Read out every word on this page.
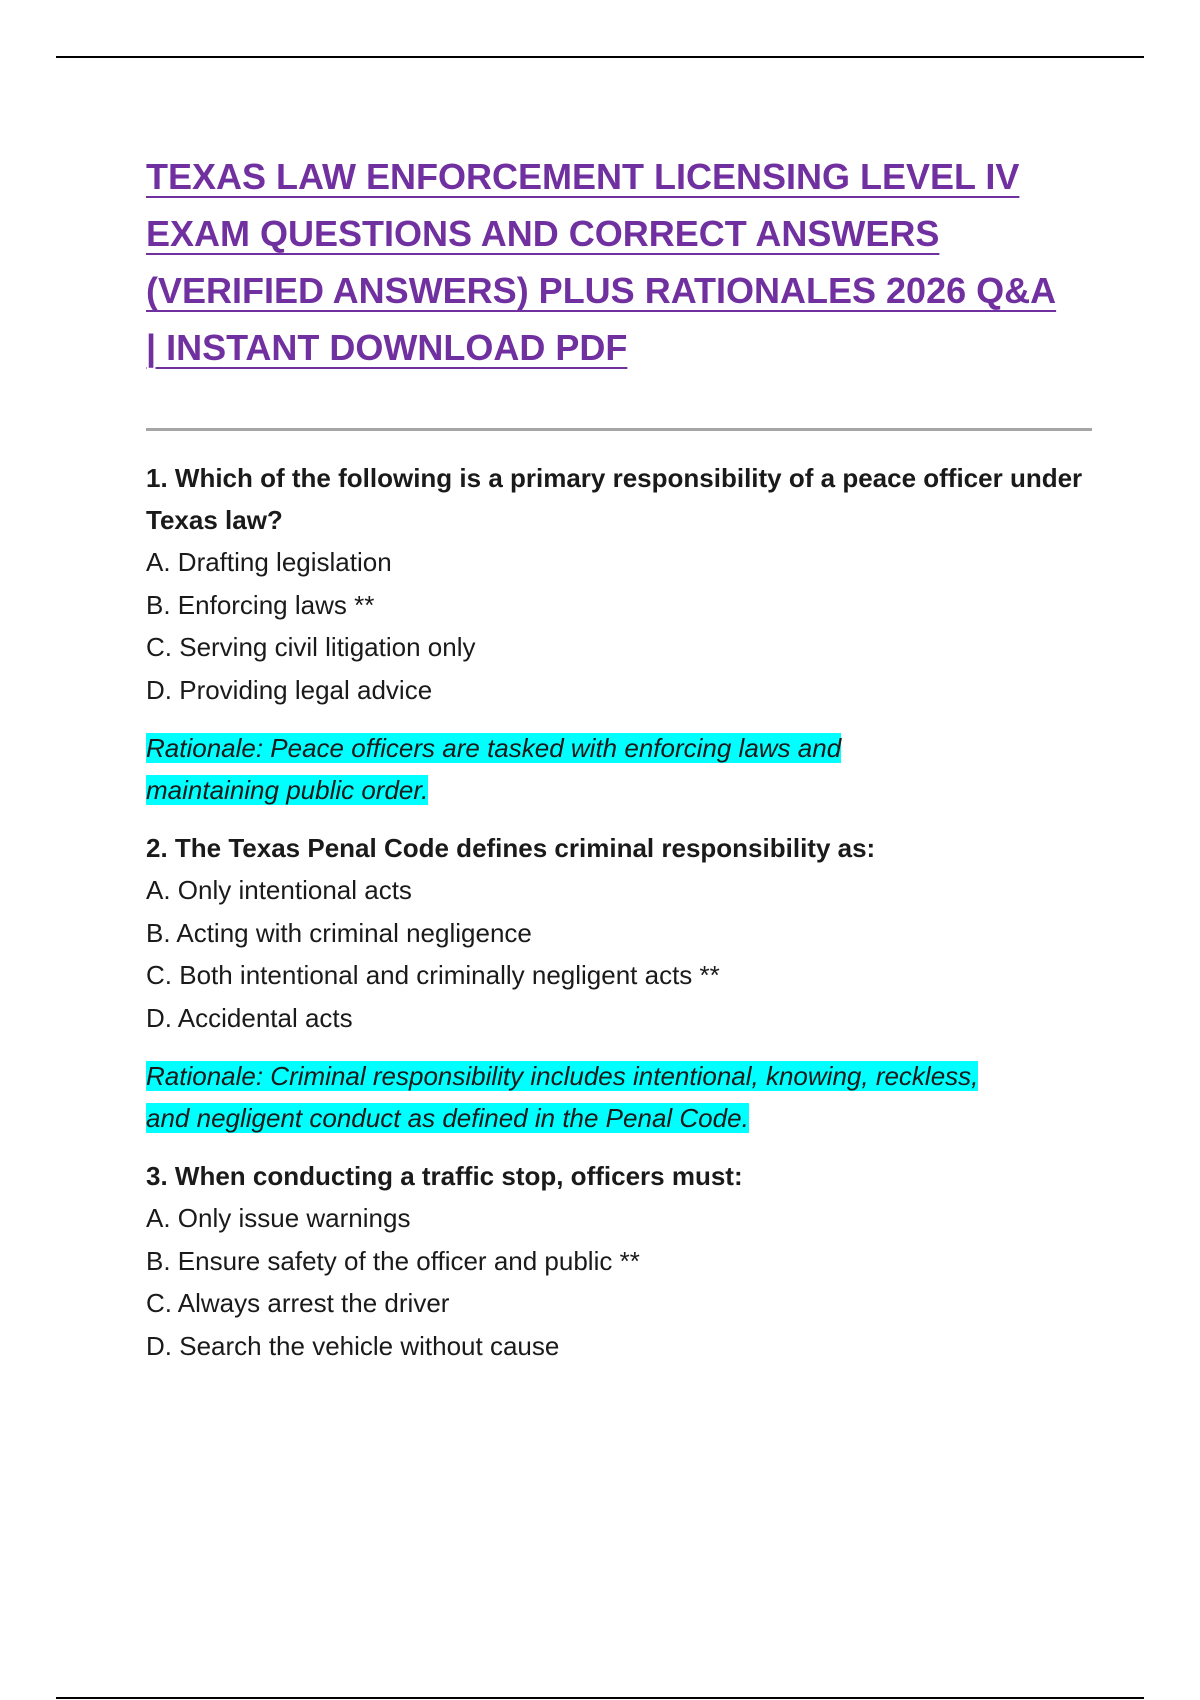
TEXAS LAW ENFORCEMENT LICENSING LEVEL IV
EXAM QUESTIONS AND CORRECT ANSWERS
(VERIFIED ANSWERS) PLUS RATIONALES 2026 Q&A
| INSTANT DOWNLOAD PDF
1. Which of the following is a primary responsibility of a peace officer under Texas law?
A. Drafting legislation
B. Enforcing laws **
C. Serving civil litigation only
D. Providing legal advice
Rationale: Peace officers are tasked with enforcing laws and maintaining public order.
2. The Texas Penal Code defines criminal responsibility as:
A. Only intentional acts
B. Acting with criminal negligence
C. Both intentional and criminally negligent acts **
D. Accidental acts
Rationale: Criminal responsibility includes intentional, knowing, reckless, and negligent conduct as defined in the Penal Code.
3. When conducting a traffic stop, officers must:
A. Only issue warnings
B. Ensure safety of the officer and public **
C. Always arrest the driver
D. Search the vehicle without cause
